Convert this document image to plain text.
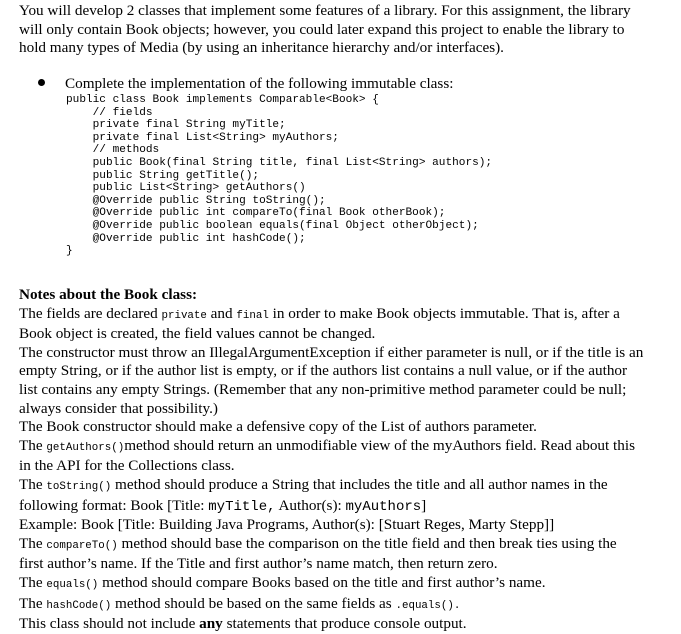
You will develop 2 classes that implement some features of a library. For this assignment, the library
will only contain Book objects; however, you could later expand this project to enable the library to
hold many types of Media (by using an inheritance hierarchy and/or interfaces).
Complete the implementation of the following immutable class:
public class Book implements Comparable<Book> {
// fields
private final String myTitle;
private final List<String> myAuthors;
// methods
public Book(final String title, final List<String> authors);
public String getTitle();
public List<String> getAuthors()
@Override public String toString();
@Override public int compareTo(final Book otherBook);
@Override public boolean equals(final Object otherObject);
@Override public int hashCode();
}

Notes about the Book class:

The fields are declared private and final in order to make Book objects immutable. That is, after a

Book object is created, the field values cannot be changed.

The constructor must throw an IllegalArgumentException if either parameter is null, or if the title is an

empty String, or if the author list is empty, or if the authors list contains a null value, or if the author

list contains any empty Strings. (Remember that any non-primitive method parameter could be null;

always consider that possibility.)

The Book constructor should make a defensive copy of the List of authors parameter.

The getAuthors()method should return an unmodifiable view of the myAuthors field. Read about this

in the API for the Collections class.

The toString() method should produce a String that includes the title and all author names in the

following format: Book [Title: myTitle, Author(s): myAuthors]

Example: Book [Title: Building Java Programs, Author(s): [Stuart Reges, Marty Stepp]]

The compareTo() method should base the comparison on the title field and then break ties using the

first author’s name. If the Title and first author’s name match, then return zero.

The equals() method should compare Books based on the title and first author’s name.

The hashCode() method should be based on the same fields as .equals().

This class should not include any statements that produce console output.
